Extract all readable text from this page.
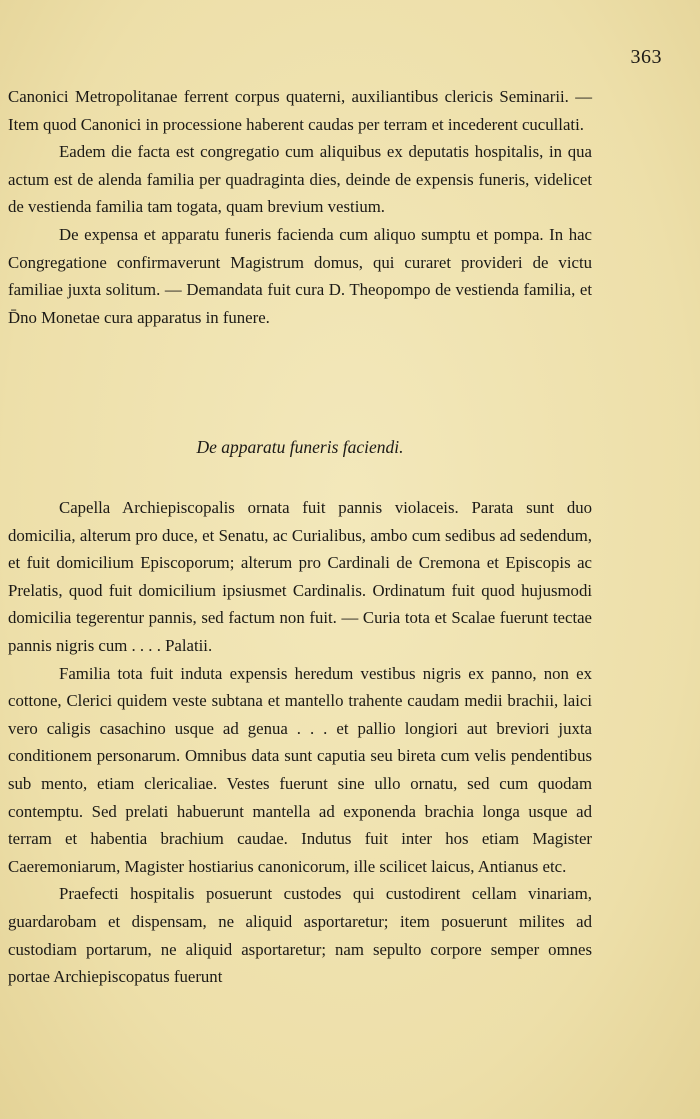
363

Canonici Metropolitanae ferrent corpus quaterni, auxiliantibus clericis Seminarii. — Item quod Canonici in processione haberent caudas per terram et incederent cucullati.

Eadem die facta est congregatio cum aliquibus ex deputatis hospitalis, in qua actum est de alenda familia per quadraginta dies, deinde de expensis funeris, videlicet de vestienda familia tam togata, quam brevium vestium.

De expensa et apparatu funeris facienda cum aliquo sumptu et pompa. In hac Congregatione confirmaverunt Magistrum domus, qui curaret provideri de victu familiae juxta solitum. — Demandata fuit cura D. Theopompo de vestienda familia, et D̄no Monetae cura apparatus in funere.

De apparatu funeris faciendi.

Capella Archiepiscopalis ornata fuit pannis violaceis. Parata sunt duo domicilia, alterum pro duce, et Senatu, ac Curialibus, ambo cum sedibus ad sedendum, et fuit domicilium Episcoporum; alterum pro Cardinali de Cremona et Episcopis ac Prelatis, quod fuit domicilium ipsiusmet Cardinalis. Ordinatum fuit quod hujusmodi domicilia tegerentur pannis, sed factum non fuit. — Curia tota et Scalae fuerunt tectae pannis nigris cum . . . . Palatii.

Familia tota fuit induta expensis heredum vestibus nigris ex panno, non ex cottone, Clerici quidem veste subtana et mantello trahente caudam medii brachii, laici vero caligis casachino usque ad genua . . . et pallio longiori aut breviori juxta conditionem personarum. Omnibus data sunt caputia seu bireta cum velis pendentibus sub mento, etiam clericaliae. Vestes fuerunt sine ullo ornatu, sed cum quodam contemptu. Sed prelati habuerunt mantella ad exponenda brachia longa usque ad terram et habentia brachium caudae. Indutus fuit inter hos etiam Magister Caeremoniarum, Magister hostiarius canonicorum, ille scilicet laicus, Antianus etc.

Praefecti hospitalis posuerunt custodes qui custodirent cellam vinariam, guardarobam et dispensam, ne aliquid asportaretur; item posuerunt milites ad custodiam portarum, ne aliquid asportaretur; nam sepulto corpore semper omnes portae Archiepiscopatus fuerunt
